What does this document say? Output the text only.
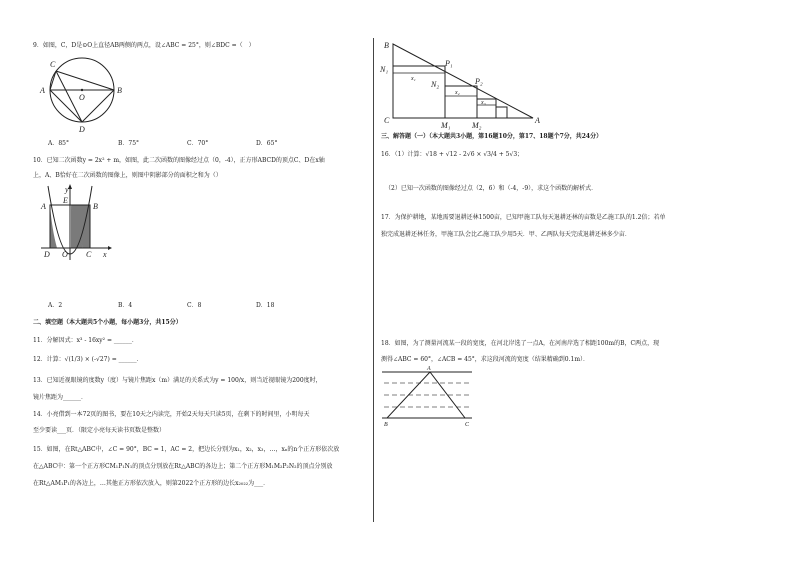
9．如图，C，D是⊙O上直径AB两侧的两点，设∠ABC = 25°，则∠BDC =（　）
C
A	B
O
D
A．85°	B．75°	C．70°	D．65°
10．已知二次函数y = 2x² + m，如图，此二次函数的图像经过点（0，-4），正方形ABCD的顶点C、D在x轴
上，A、B恰好在二次函数的图像上，则图中阴影部分的面积之和为（）
y
A
E
B
D O C x
A．2	B．4	C．8	D．18
二、填空题（本大题共5个小题，每小题3分，共15分）
11．分解因式：x³ - 16xy² = ______．
12．计算：√(1/3) × (-√27) = ______．
13．已知近视眼镜的度数y（度）与镜片焦距x（m）满足的关系式为y = 100/x，则当近视眼镜为200度时，
镜片焦距为______．
14．小亮借到一本72页的图书，要在10天之内读完，开始2天每天只读5页，在剩下的时间里，小明每天
至少要读___页．（限定小亮每天读书页数是整数）
15．如图，在Rt△ABC中，∠C = 90°，BC = 1，AC = 2，把边长分别为x₁，x₂，x₃，…，xₙ的n个正方形依次放
在△ABC中：第一个正方形CM₁P₁N₁的顶点分别放在Rt△ABC的各边上；第二个正方形M₁M₂P₂N₂的顶点分别放
在Rt△AM₁P₁的各边上，…其他正方形依次放入，则第2022个正方形的边长x₂₀₂₂为___．
B
N₁
P₁
x₁
N₂	P₂
x₂
x₃
C
M₁	M₂
A
三、解答题（一）（本大题共3小题，第16题10分，第17、18题个7分，共24分）
16．（1）计算：√18 + √12 - 2√6 × √3/4 + 5√3；
（2）已知一次函数的图像经过点（2，6）和（-4，-9），求这个函数的解析式．
17．为保护耕地，某地需要退耕还林1500亩，已知甲施工队每天退耕还林的亩数是乙施工队的1.2倍；若单
独完成退耕还林任务，甲施工队会比乙施工队少用5天．甲、乙两队每天完成退耕还林多少亩．
18．如图，为了测量河流某一段的宽度，在河北岸选了一点A，在河南岸选了相距100m的B，C两点，现
测得∠ABC = 60°，∠ACB = 45°，求这段河流的宽度（结果精确到0.1m）．
A
B	C
